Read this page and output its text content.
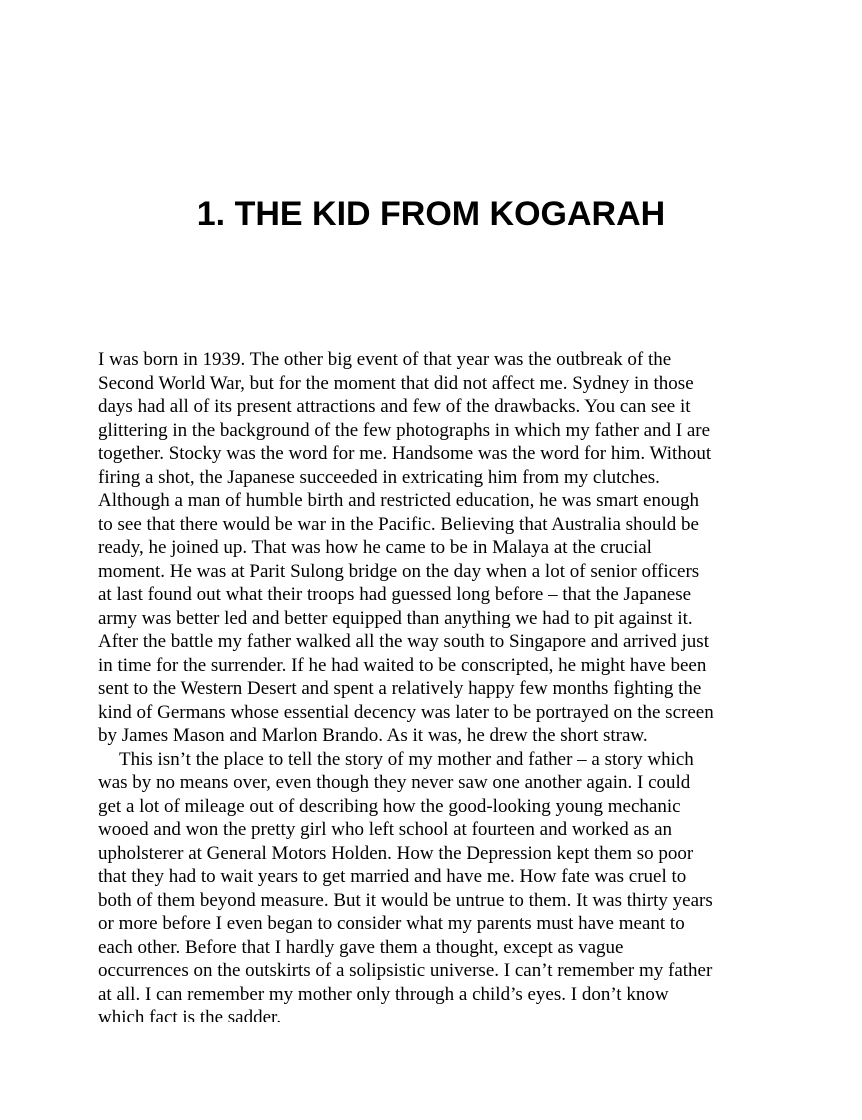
1. THE KID FROM KOGARAH
I was born in 1939. The other big event of that year was the outbreak of the
Second World War, but for the moment that did not affect me. Sydney in those
days had all of its present attractions and few of the drawbacks. You can see it
glittering in the background of the few photographs in which my father and I are
together. Stocky was the word for me. Handsome was the word for him. Without
firing a shot, the Japanese succeeded in extricating him from my clutches.
Although a man of humble birth and restricted education, he was smart enough
to see that there would be war in the Pacific. Believing that Australia should be
ready, he joined up. That was how he came to be in Malaya at the crucial
moment. He was at Parit Sulong bridge on the day when a lot of senior officers
at last found out what their troops had guessed long before – that the Japanese
army was better led and better equipped than anything we had to pit against it.
After the battle my father walked all the way south to Singapore and arrived just
in time for the surrender. If he had waited to be conscripted, he might have been
sent to the Western Desert and spent a relatively happy few months fighting the
kind of Germans whose essential decency was later to be portrayed on the screen
by James Mason and Marlon Brando. As it was, he drew the short straw.
This isn’t the place to tell the story of my mother and father – a story which
was by no means over, even though they never saw one another again. I could
get a lot of mileage out of describing how the good-looking young mechanic
wooed and won the pretty girl who left school at fourteen and worked as an
upholsterer at General Motors Holden. How the Depression kept them so poor
that they had to wait years to get married and have me. How fate was cruel to
both of them beyond measure. But it would be untrue to them. It was thirty years
or more before I even began to consider what my parents must have meant to
each other. Before that I hardly gave them a thought, except as vague
occurrences on the outskirts of a solipsistic universe. I can’t remember my father
at all. I can remember my mother only through a child’s eyes. I don’t know
which fact is the sadder.
